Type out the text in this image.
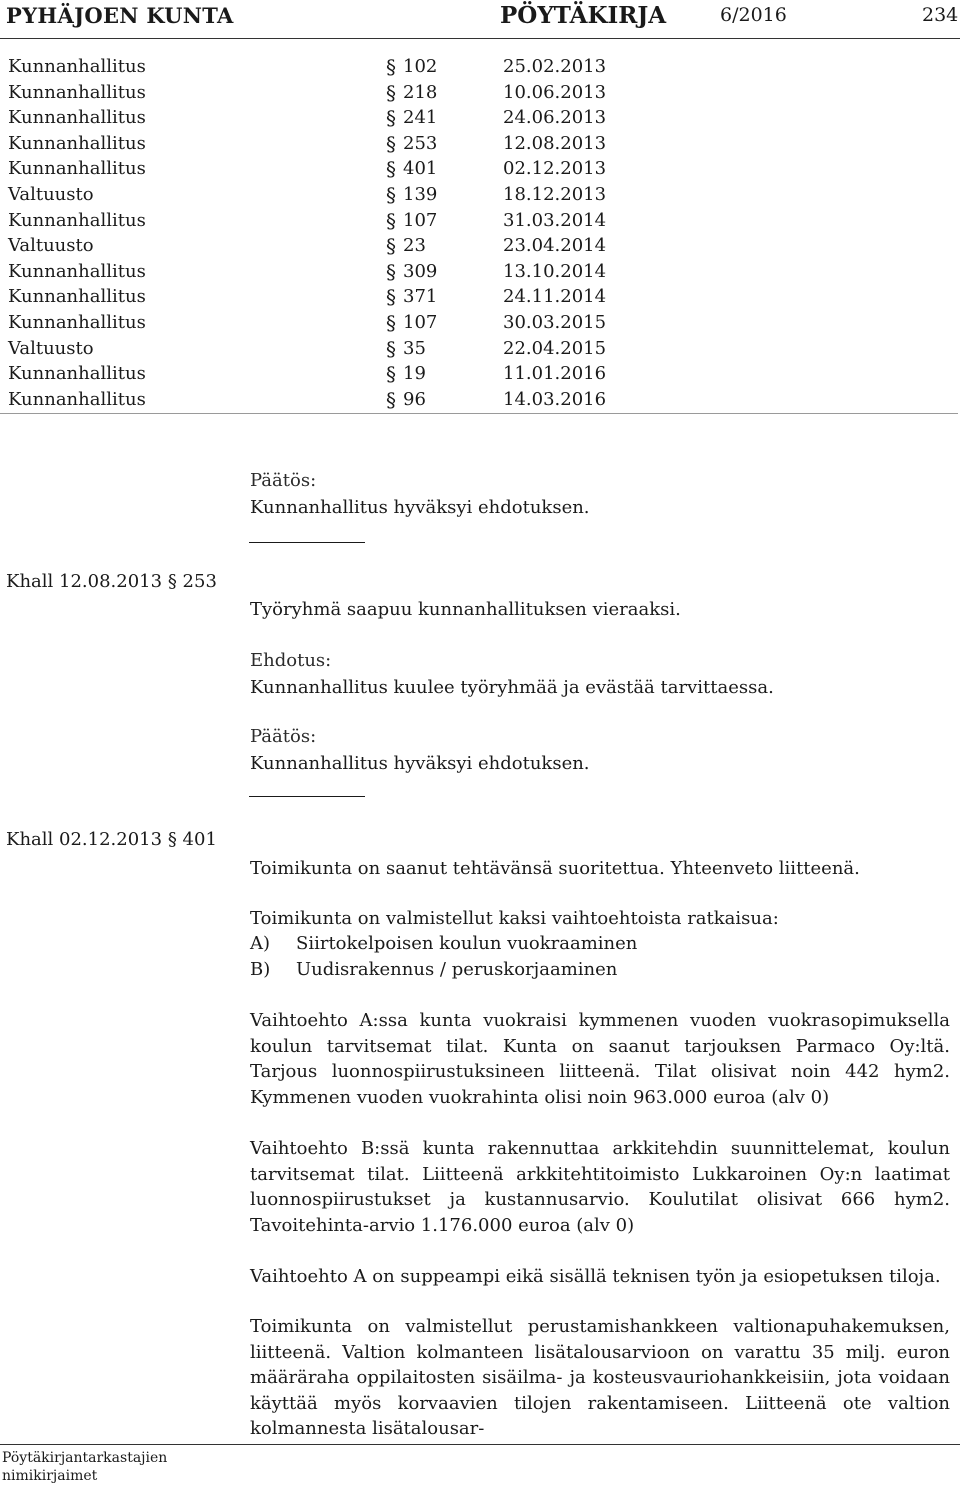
PYHÄJOEN KUNTA	PÖYTÄKIRJA	6/2016	234
Kunnanhallitus	§ 102	25.02.2013
Kunnanhallitus	§ 218	10.06.2013
Kunnanhallitus	§ 241	24.06.2013
Kunnanhallitus	§ 253	12.08.2013
Kunnanhallitus	§ 401	02.12.2013
Valtuusto	§ 139	18.12.2013
Kunnanhallitus	§ 107	31.03.2014
Valtuusto	§ 23	23.04.2014
Kunnanhallitus	§ 309	13.10.2014
Kunnanhallitus	§ 371	24.11.2014
Kunnanhallitus	§ 107	30.03.2015
Valtuusto	§ 35	22.04.2015
Kunnanhallitus	§ 19	11.01.2016
Kunnanhallitus	§ 96	14.03.2016
Päätös:
Kunnanhallitus hyväksyi ehdotuksen.
Khall 12.08.2013 § 253
Työryhmä saapuu kunnanhallituksen vieraaksi.
Ehdotus:
Kunnanhallitus kuulee työryhmää ja evästää tarvittaessa.
Päätös:
Kunnanhallitus hyväksyi ehdotuksen.
Khall 02.12.2013 § 401
Toimikunta on saanut tehtävänsä suoritettua. Yhteenveto liitteenä.
Toimikunta on valmistellut kaksi vaihtoehtoista ratkaisua:
A) Siirtokelpoisen koulun vuokraaminen
B) Uudisrakennus / peruskorjaaminen

Vaihtoehto A:ssa kunta vuokraisi kymmenen vuoden vuokrasopimuksella koulun tarvitsemat tilat. Kunta on saanut tarjouksen Parmaco Oy:ltä. Tarjous luonnospiirustuksineen liitteenä. Tilat olisivat noin 442 hym2. Kymmenen vuoden vuokrahinta olisi noin 963.000 euroa (alv 0)

Vaihtoehto B:ssä kunta rakennuttaa arkkitehdin suunnittelemat, koulun tarvitsemat tilat. Liitteenä arkkitehtitoimisto Lukkaroinen Oy:n laatimat luonnospiirustukset ja kustannusarvio. Koulutilat olisivat 666 hym2. Tavoitehinta-arvio 1.176.000 euroa (alv 0)

Vaihtoehto A on suppeampi eikä sisällä teknisen työn ja esiopetuksen tiloja.

Toimikunta on valmistellut perustamishankkeen valtionapuhakemuksen, liitteenä. Valtion kolmanteen lisätalousarvioon on varattu 35 milj. euron määräraha oppilaitosten sisäilma- ja kosteusvauriohankkeisiin, jota voidaan käyttää myös korvaavien tilojen rakentamiseen. Liitteenä ote valtion kolmannesta lisätalousar-

Pöytäkirjantarkastajien
nimikirjaimet
